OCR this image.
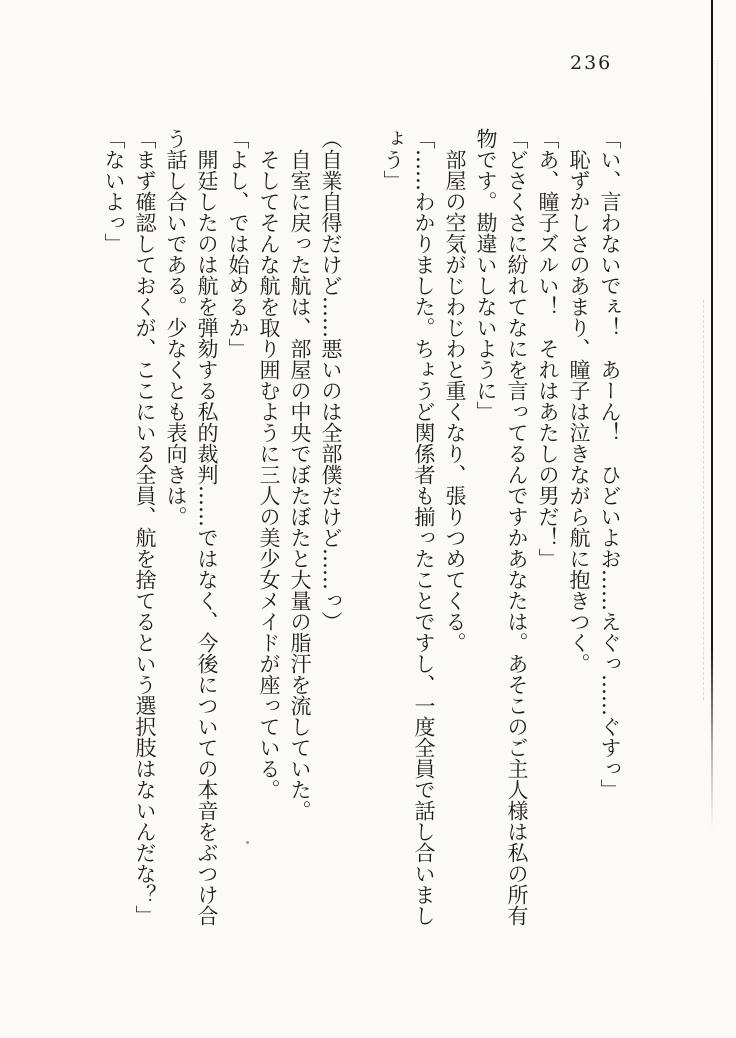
236

「い、言わないでぇ！　あーん！　ひどいよお……えぐっ……ぐすっ」

恥ずかしさのあまり、瞳子は泣きながら航に抱きつく。

「あ、瞳子ズルい！　それはあたしの男だ！」

「どさくさに紛れてなにを言ってるんですかあなたは。あそこのご主人様は私の所有

物です。勘違いしないように」

部屋の空気がじわじわと重くなり、張りつめてくる。

「……わかりました。ちょうど関係者も揃ったことですし、一度全員で話し合いまし

ょう」

（自業自得だけど……悪いのは全部僕だけど……っ）

自室に戻った航は、部屋の中央でぼたぼたと大量の脂汗を流していた。

そしてそんな航を取り囲むように三人の美少女メイドが座っている。

「よし、では始めるか」

開廷したのは航を弾劾する私的裁判……ではなく、今後についての本音をぶつけ合

う話し合いである。少なくとも表向きは。

「まず確認しておくが、ここにいる全員、航を捨てるという選択肢はないんだな？」

「ないよっ」
